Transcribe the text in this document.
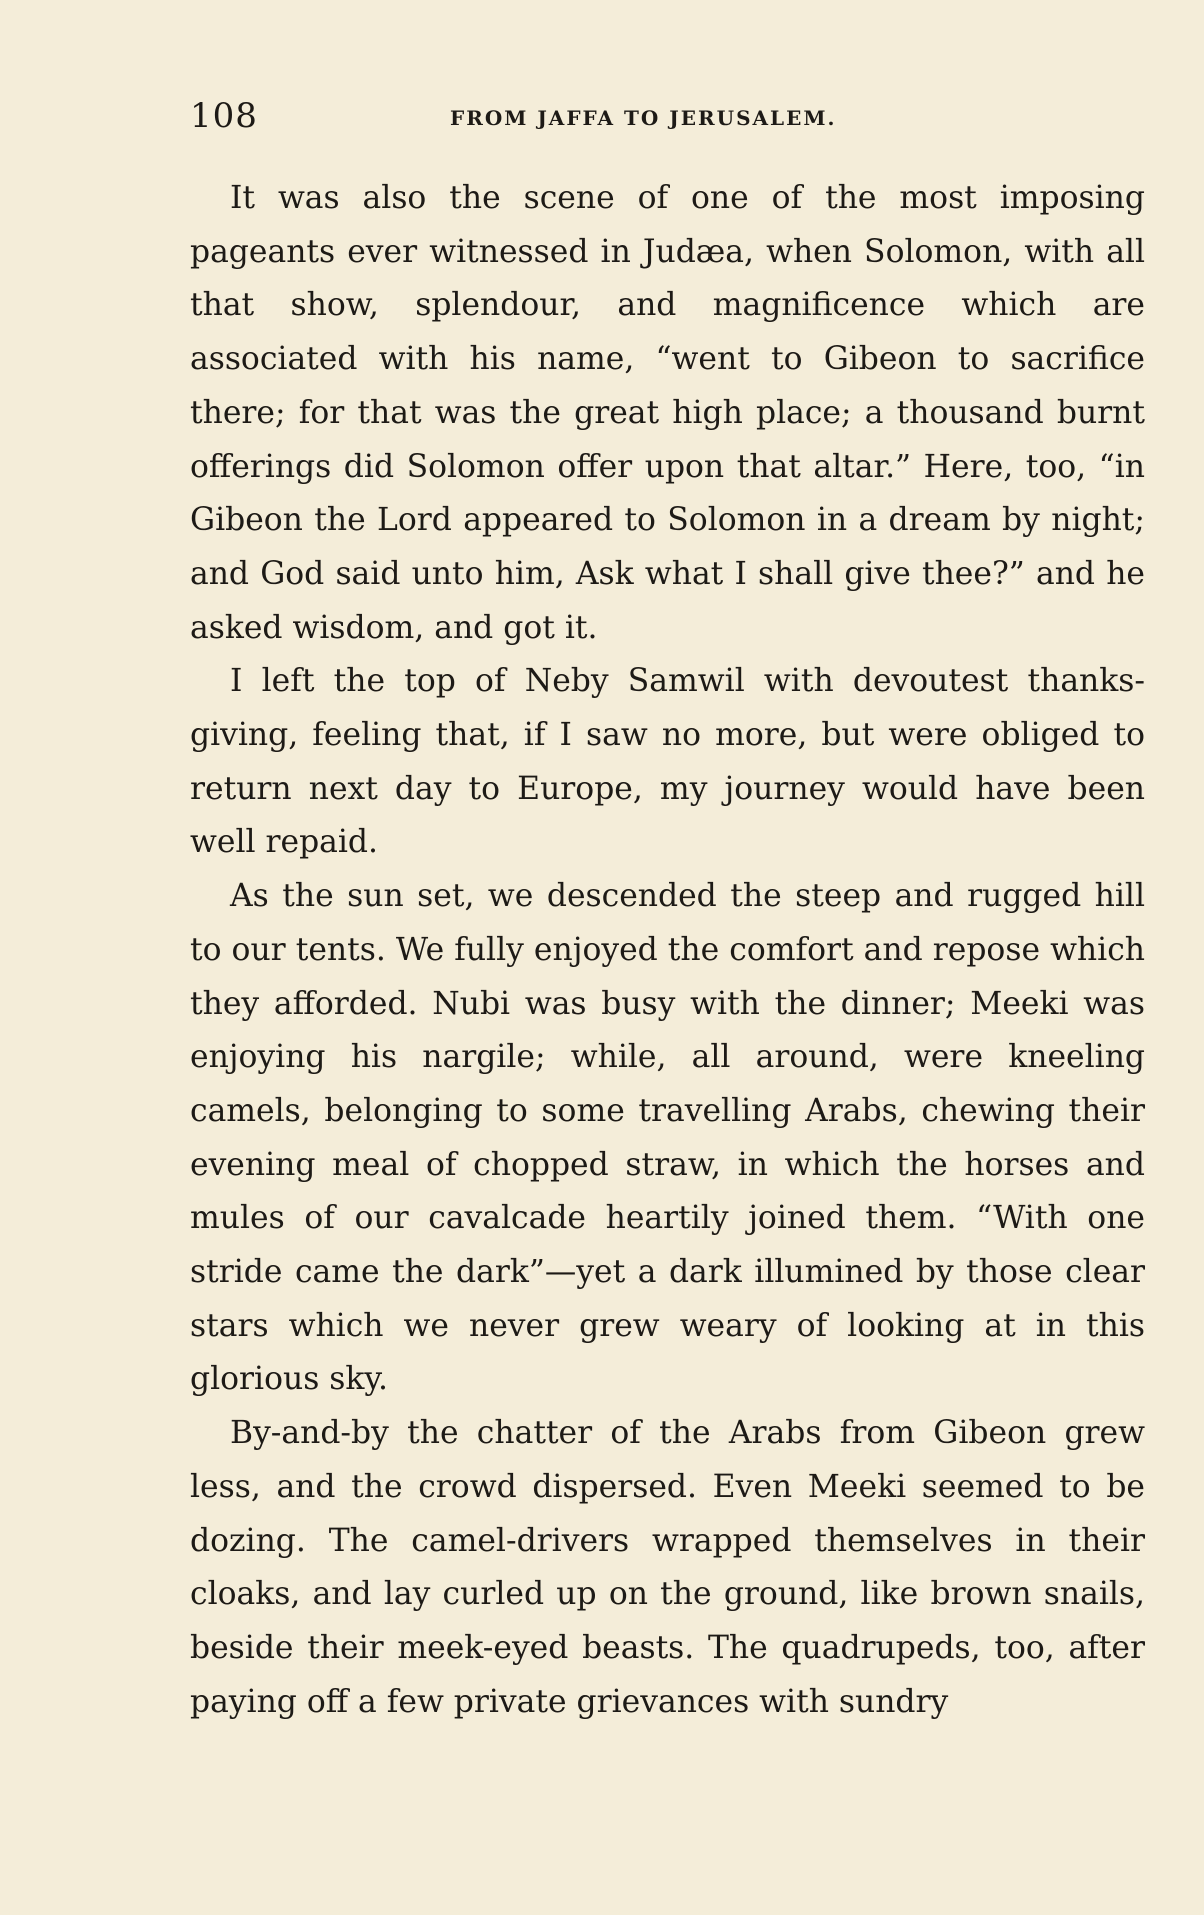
108	FROM JAFFA TO JERUSALEM.

It was also the scene of one of the most imposing pageants ever witnessed in Judæa, when Solomon, with all that show, splendour, and magnificence which are associated with his name, “went to Gibeon to sacrifice there; for that was the great high place; a thousand burnt offerings did Solomon offer upon that altar.” Here, too, “in Gibeon the Lord appeared to Solomon in a dream by night; and God said unto him, Ask what I shall give thee?” and he asked wisdom, and got it.

I left the top of Neby Samwil with devoutest thanks-giving, feeling that, if I saw no more, but were obliged to return next day to Europe, my journey would have been well repaid.

As the sun set, we descended the steep and rugged hill to our tents. We fully enjoyed the comfort and repose which they afforded. Nubi was busy with the dinner; Meeki was enjoying his nargile; while, all around, were kneeling camels, belonging to some travelling Arabs, chewing their evening meal of chopped straw, in which the horses and mules of our cavalcade heartily joined them. “With one stride came the dark”—yet a dark illumined by those clear stars which we never grew weary of looking at in this glorious sky.

By-and-by the chatter of the Arabs from Gibeon grew less, and the crowd dispersed. Even Meeki seemed to be dozing. The camel-drivers wrapped themselves in their cloaks, and lay curled up on the ground, like brown snails, beside their meek-eyed beasts. The quadrupeds, too, after paying off a few private grievances with sundry
